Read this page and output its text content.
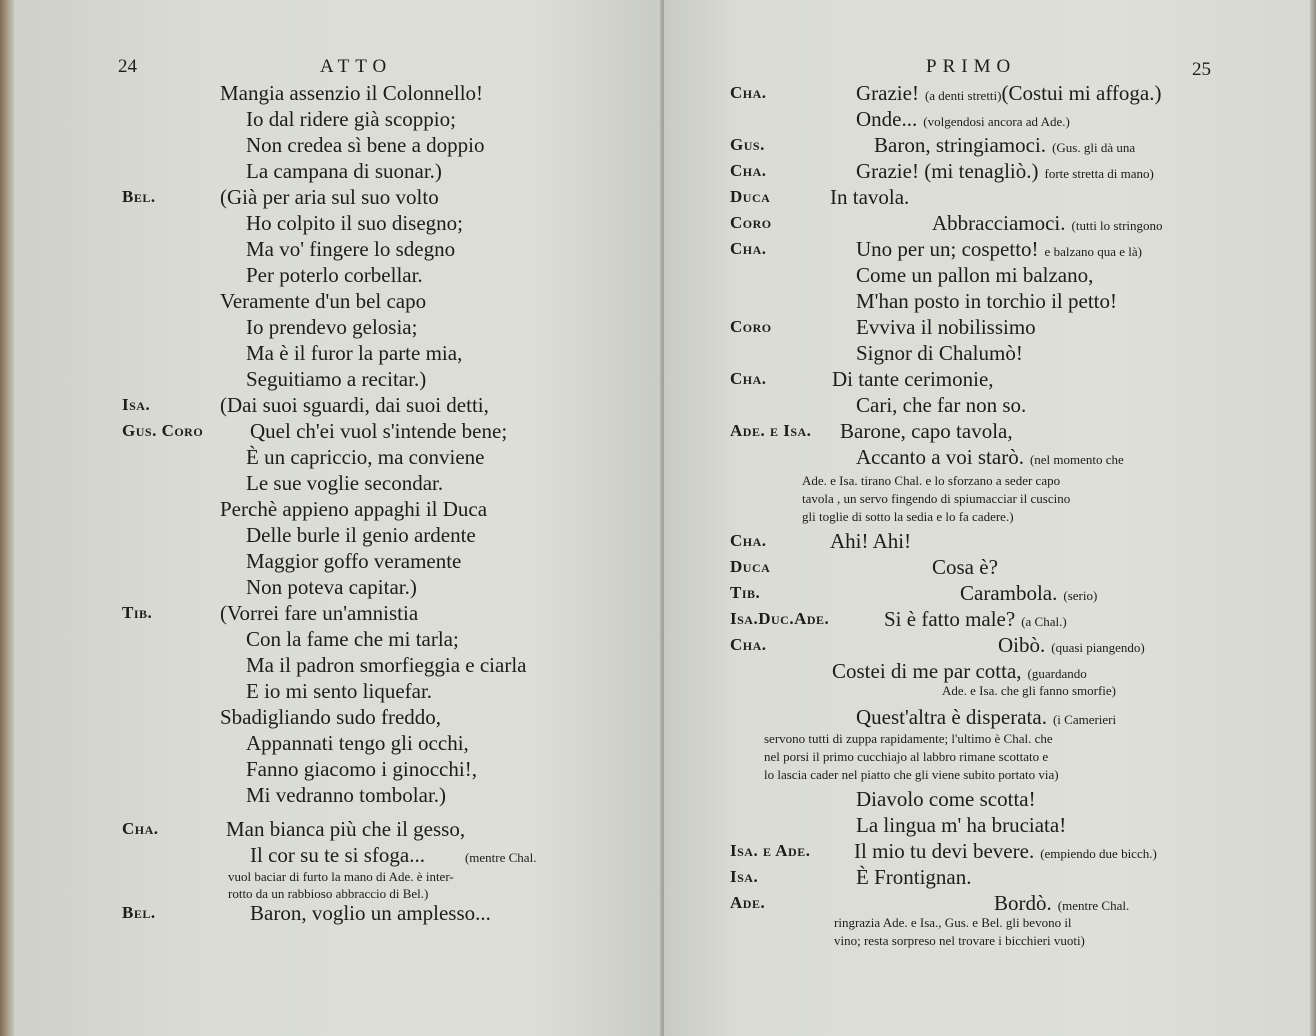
24	ATTO
Mangia assenzio il Colonnello!
Io dal ridere già scoppio;
Non credea sì bene a doppio
La campana di suonar.)
Bel.	(Già per aria sul suo volto
Ho colpito il suo disegno;
Ma vo' fingere lo sdegno
Per poterlo corbellar.
Veramente d'un bel capo
Io prendevo gelosia;
Ma è il furor la parte mia,
Seguitiamo a recitar.)
Isa.	(Dai suoi sguardi, dai suoi detti,
Gus. Coro Quel ch'ei vuol s'intende bene;
È un capriccio, ma conviene
Le sue voglie secondar.
Perchè appieno appaghi il Duca
Delle burle il genio ardente
Maggior goffo veramente
Non poteva capitar.)
Tib.	(Vorrei fare un'amnistia
Con la fame che mi tarla;
Ma il padron smorfieggia e ciarla
E io mi sento liquefar.
Sbadigliando sudo freddo,
Appannati tengo gli occhi,
Fanno giacomo i ginocchi!,
Mi vedranno tombolar.)
Cha.	Man bianca più che il gesso,
Il cor su te si sfoga...	(mentre Chal.
vuol baciar di furto la mano di Ade. è inter-
rotto da un rabbioso abbraccio di Bel.)
Bel.	Baron, voglio un amplesso...
PRIMO	25
Cha.	Grazie! (a denti stretti)(Costui mi affoga.)
Onde... (volgendosi ancora ad Ade.)
Gus.	Baron, stringiamoci. (Gus. gli dà una
Cha.	Grazie! (mi tenagliò.) forte stretta di mano)
Duca	In tavola.
Coro	Abbracciamoci. (tutti lo stringono
Cha.	Uno per un; cospetto! e balzano qua e là)
Come un pallon mi balzano,
M'han posto in torchio il petto!
Coro	Evviva il nobilissimo
Signor di Chalumò!
Cha.	Di tante cerimonie,
Cari, che far non so.
Ade. e Isa. Barone, capo tavola,
Accanto a voi starò. (nel momento che
Ade. e Isa. tirano Chal. e lo sforzano a seder capo
tavola , un servo fingendo di spiumacciar il cuscino
gli toglie di sotto la sedia e lo fa cadere.)
Cha.	Ahi! Ahi!
Duca	Cosa è?
Tib.	Carambola. (serio)
Isa.Duc.Ade.	Si è fatto male? (a Chal.)
Cha.	Oibò. (quasi piangendo)
Costei di me par cotta, (guardando
Ade. e Isa. che gli fanno smorfie)
Quest'altra è disperata. (i Camerieri
servono tutti di zuppa rapidamente; l'ultimo è Chal. che
nel porsi il primo cucchiajo al labbro rimane scottato e
lo lascia cader nel piatto che gli viene subito portato via)
Diavolo come scotta!
La lingua m' ha bruciata!
Isa. e Ade. Il mio tu devi bevere. (empiendo due bicch.)
Isa.	È Frontignan.
Ade.	Bordò. (mentre Chal.
ringrazia Ade. e Isa., Gus. e Bel. gli bevono il
vino; resta sorpreso nel trovare i bicchieri vuoti)
